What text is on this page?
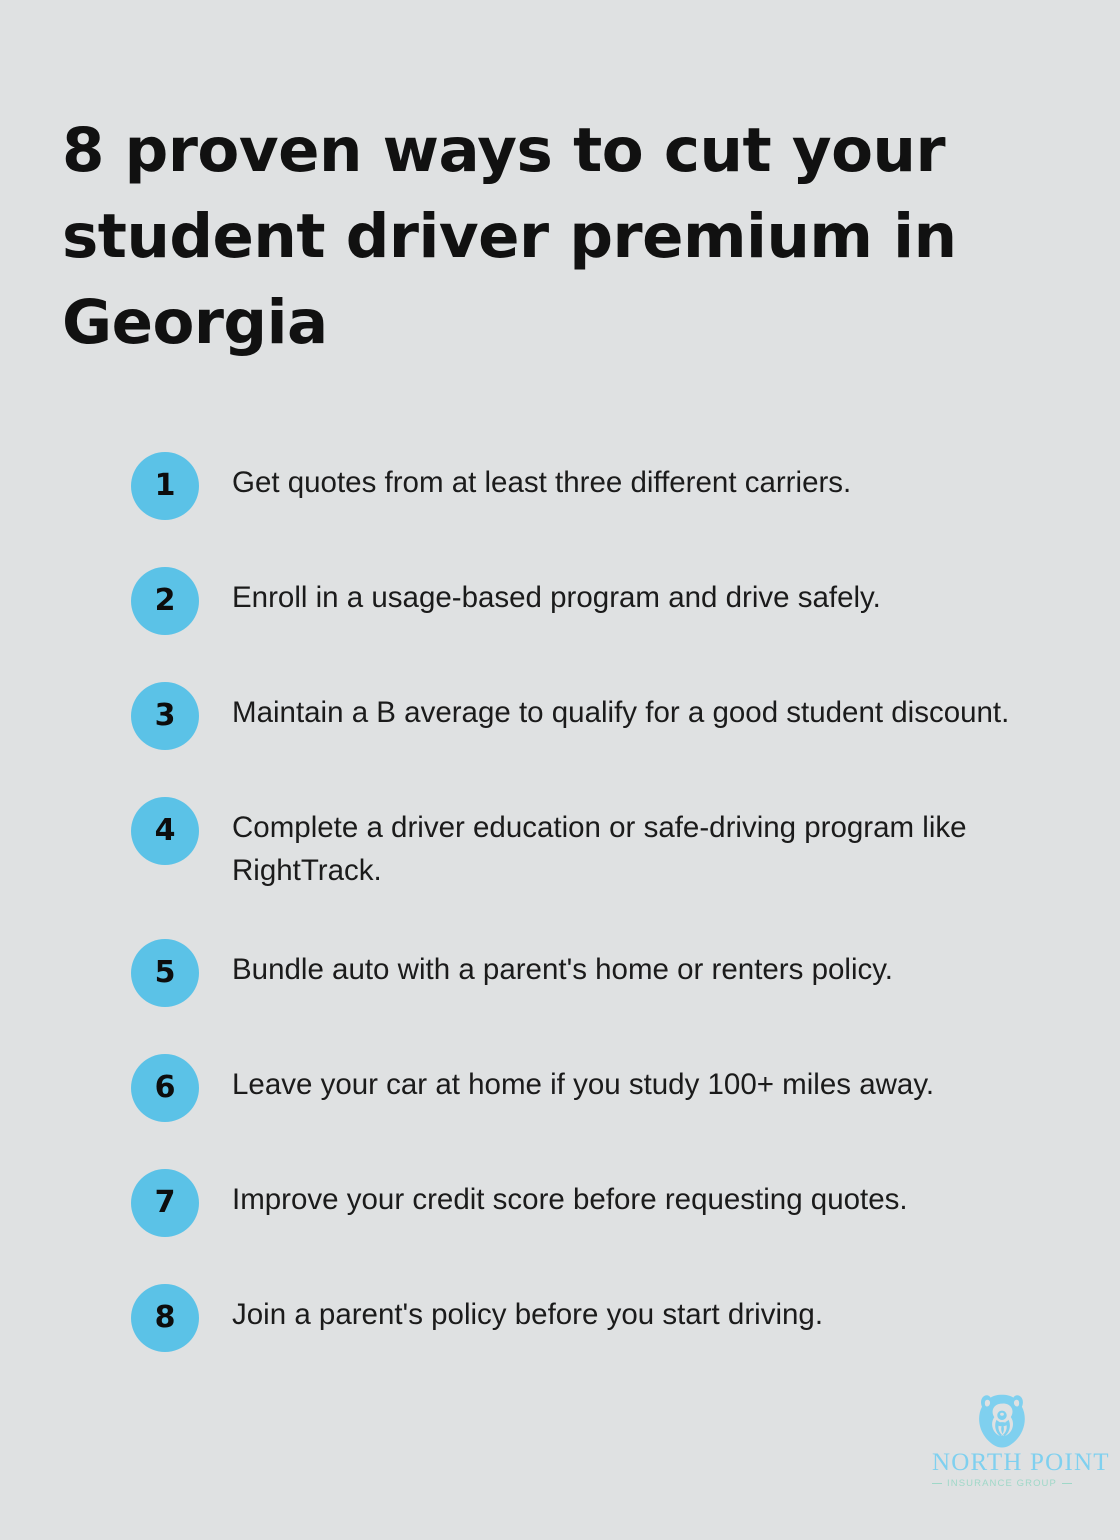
8 proven ways to cut your student driver premium in Georgia
1	Get quotes from at least three different carriers.
2	Enroll in a usage-based program and drive safely.
3	Maintain a B average to qualify for a good student discount.
4	Complete a driver education or safe-driving program like RightTrack.
5	Bundle auto with a parent's home or renters policy.
6	Leave your car at home if you study 100+ miles away.
7	Improve your credit score before requesting quotes.
8	Join a parent's policy before you start driving.
NORTH POINT
INSURANCE GROUP
